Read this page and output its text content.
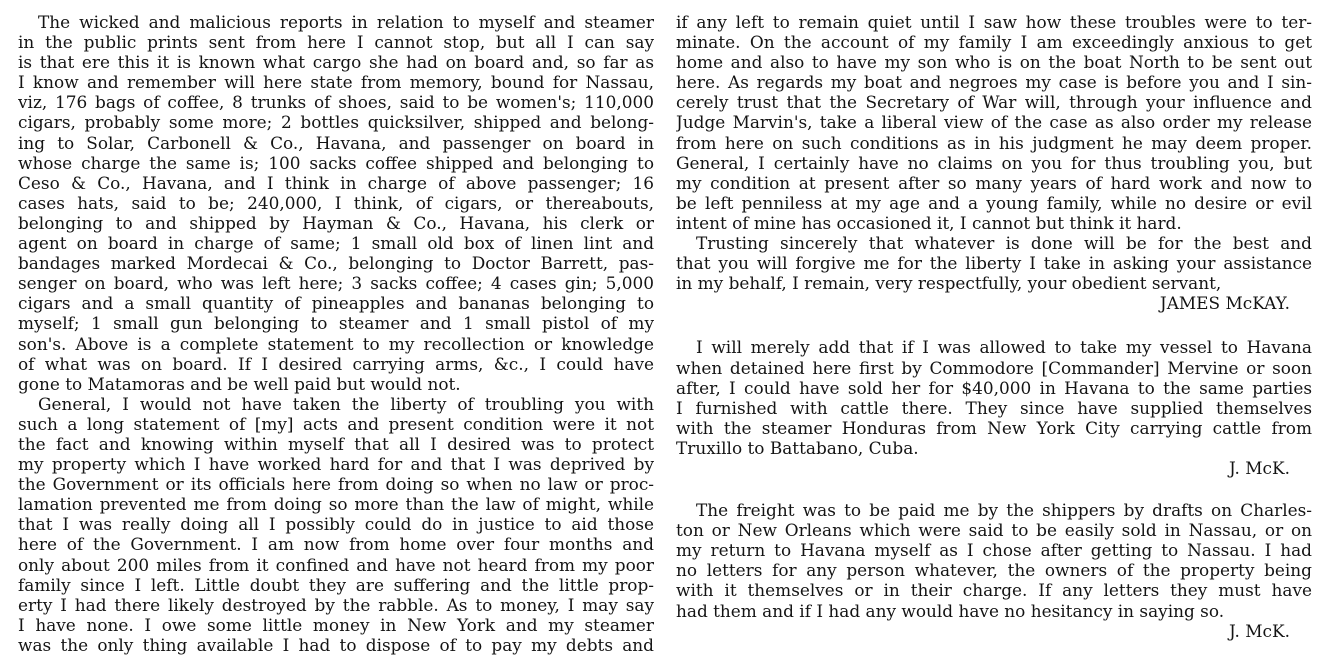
The wicked and malicious reports in relation to myself and steamer
in the public prints sent from here I cannot stop, but all I can say
is that ere this it is known what cargo she had on board and, so far as
I know and remember will here state from memory, bound for Nassau,
viz, 176 bags of coffee, 8 trunks of shoes, said to be women's; 110,000
cigars, probably some more; 2 bottles quicksilver, shipped and belong-
ing to Solar, Carbonell & Co., Havana, and passenger on board in
whose charge the same is; 100 sacks coffee shipped and belonging to
Ceso & Co., Havana, and I think in charge of above passenger; 16
cases hats, said to be; 240,000, I think, of cigars, or thereabouts,
belonging to and shipped by Hayman & Co., Havana, his clerk or
agent on board in charge of same; 1 small old box of linen lint and
bandages marked Mordecai & Co., belonging to Doctor Barrett, pas-
senger on board, who was left here; 3 sacks coffee; 4 cases gin; 5,000
cigars and a small quantity of pineapples and bananas belonging to
myself; 1 small gun belonging to steamer and 1 small pistol of my
son's. Above is a complete statement to my recollection or knowledge
of what was on board. If I desired carrying arms, &c., I could have
gone to Matamoras and be well paid but would not.
General, I would not have taken the liberty of troubling you with
such a long statement of [my] acts and present condition were it not
the fact and knowing within myself that all I desired was to protect
my property which I have worked hard for and that I was deprived by
the Government or its officials here from doing so when no law or proc-
lamation prevented me from doing so more than the law of might, while
that I was really doing all I possibly could do in justice to aid those
here of the Government. I am now from home over four months and
only about 200 miles from it confined and have not heard from my poor
family since I left. Little doubt they are suffering and the little prop-
erty I had there likely destroyed by the rabble. As to money, I may say
I have none. I owe some little money in New York and my steamer
was the only thing available I had to dispose of to pay my debts and
if any left to remain quiet until I saw how these troubles were to ter-
minate. On the account of my family I am exceedingly anxious to get
home and also to have my son who is on the boat North to be sent out
here. As regards my boat and negroes my case is before you and I sin-
cerely trust that the Secretary of War will, through your influence and
Judge Marvin's, take a liberal view of the case as also order my release
from here on such conditions as in his judgment he may deem proper.
General, I certainly have no claims on you for thus troubling you, but
my condition at present after so many years of hard work and now to
be left penniless at my age and a young family, while no desire or evil
intent of mine has occasioned it, I cannot but think it hard.
Trusting sincerely that whatever is done will be for the best and
that you will forgive me for the liberty I take in asking your assistance
in my behalf, I remain, very respectfully, your obedient servant,
JAMES McKAY.
I will merely add that if I was allowed to take my vessel to Havana
when detained here first by Commodore [Commander] Mervine or soon
after, I could have sold her for $40,000 in Havana to the same parties
I furnished with cattle there. They since have supplied themselves
with the steamer Honduras from New York City carrying cattle from
Truxillo to Battabano, Cuba.
J. McK.
The freight was to be paid me by the shippers by drafts on Charles-
ton or New Orleans which were said to be easily sold in Nassau, or on
my return to Havana myself as I chose after getting to Nassau. I had
no letters for any person whatever, the owners of the property being
with it themselves or in their charge. If any letters they must have
had them and if I had any would have no hesitancy in saying so.
J. McK.
